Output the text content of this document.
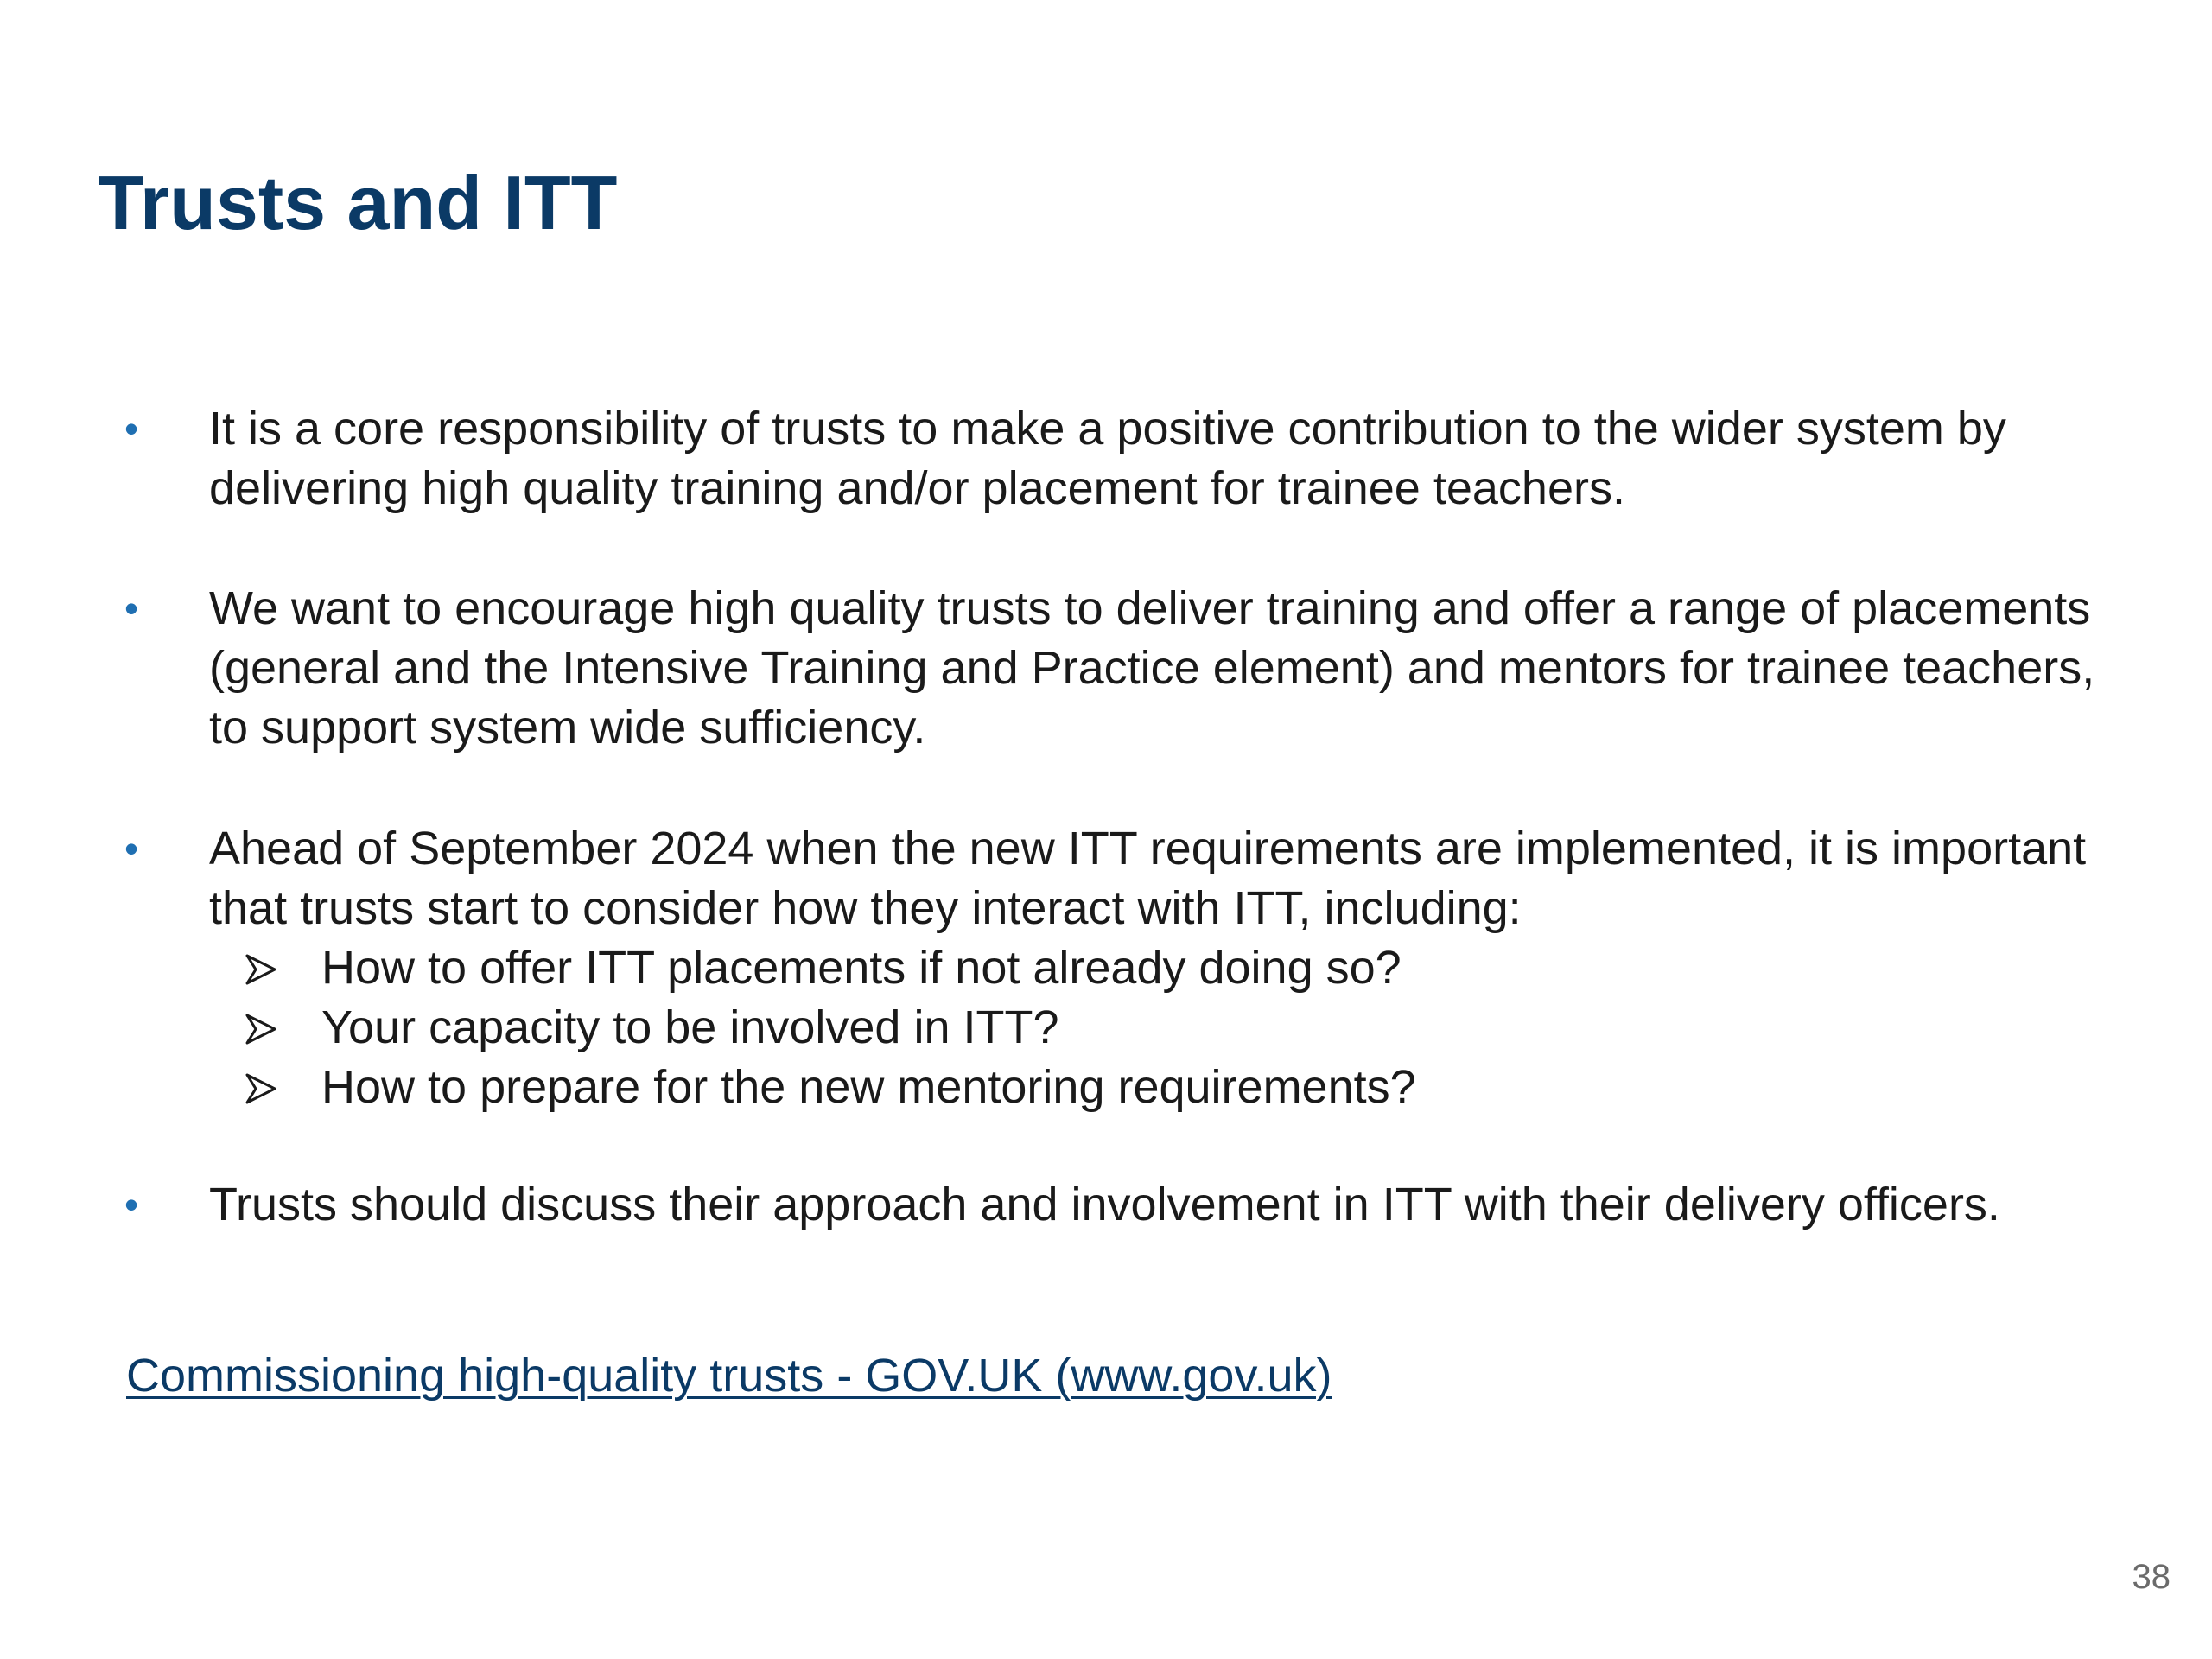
Trusts and ITT
• It is a core responsibility of trusts to make a positive contribution to the wider system by delivering high quality training and/or placement for trainee teachers.
• We want to encourage high quality trusts to deliver training and offer a range of placements (general and the Intensive Training and Practice element) and mentors for trainee teachers, to support system wide sufficiency.
• Ahead of September 2024 when the new ITT requirements are implemented, it is important that trusts start to consider how they interact with ITT, including:
How to offer ITT placements if not already doing so?
Your capacity to be involved in ITT?
How to prepare for the new mentoring requirements?
• Trusts should discuss their approach and involvement in ITT with their delivery officers.
Commissioning high-quality trusts - GOV.UK (www.gov.uk)
38
